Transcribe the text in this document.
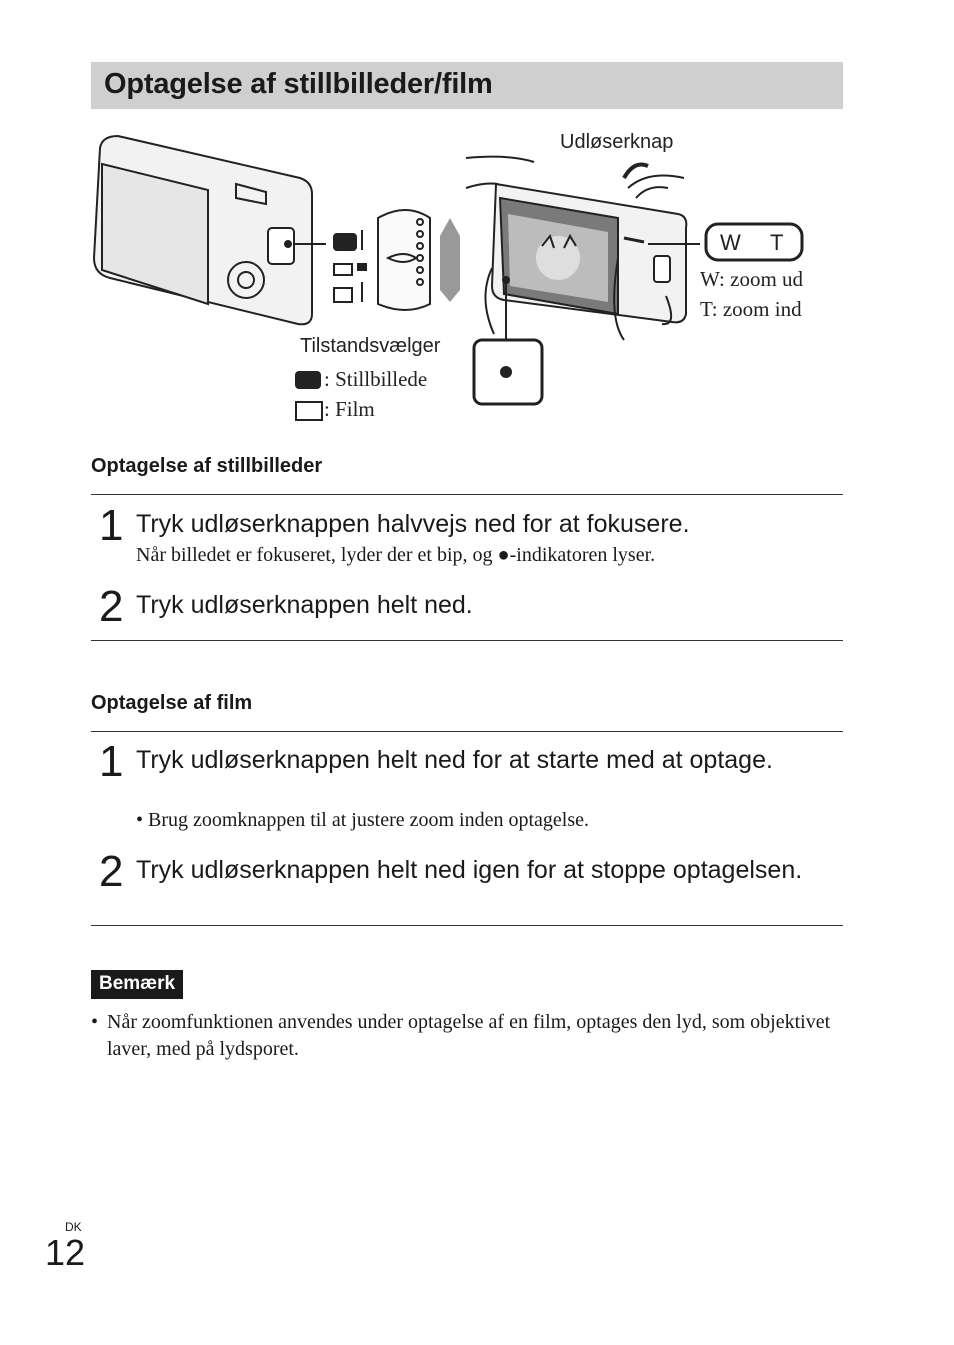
Optagelse af stillbilleder/film
Udløserknap
W T
W: zoom ud
T: zoom ind
Tilstandsvælger
: Stillbillede
: Film
Optagelse af stillbilleder
1 Tryk udløserknappen halvvejs ned for at fokusere.
Når billedet er fokuseret, lyder der et bip, og ●-indikatoren lyser.
2 Tryk udløserknappen helt ned.
Optagelse af film
1 Tryk udløserknappen helt ned for at starte med at optage.
• Brug zoomknappen til at justere zoom inden optagelse.
2 Tryk udløserknappen helt ned igen for at stoppe optagelsen.
Bemærk
• Når zoomfunktionen anvendes under optagelse af en film, optages den lyd, som objektivet laver, med på lydsporet.
DK
12
